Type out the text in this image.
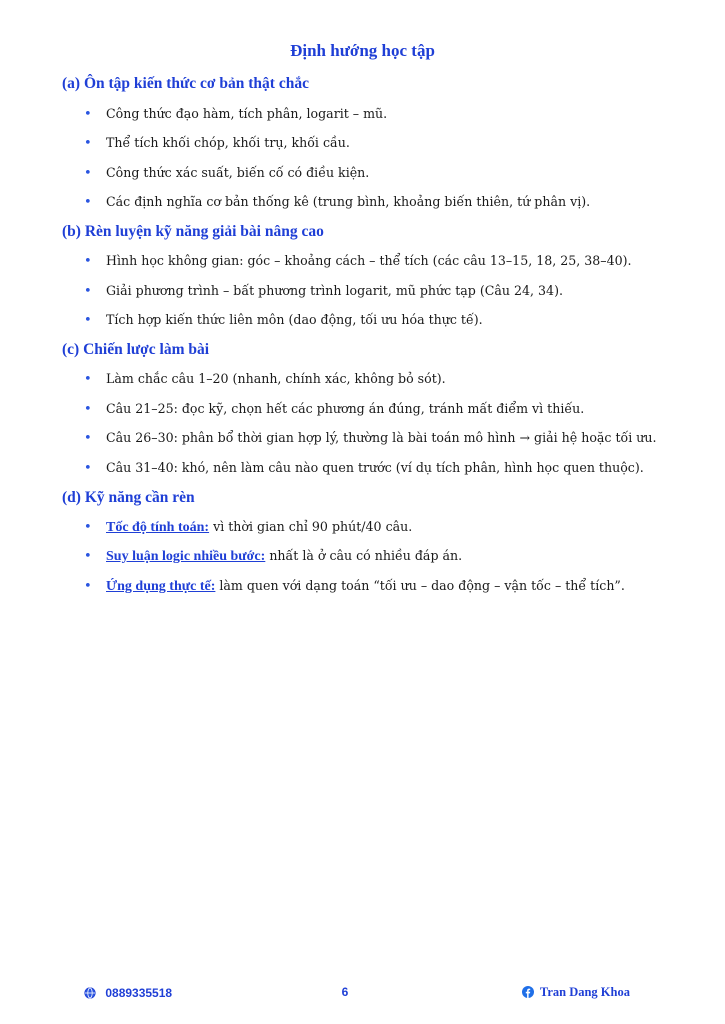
Định hướng học tập
(a) Ôn tập kiến thức cơ bản thật chắc
• Công thức đạo hàm, tích phân, logarit – mũ.
• Thể tích khối chóp, khối trụ, khối cầu.
• Công thức xác suất, biến cố có điều kiện.
• Các định nghĩa cơ bản thống kê (trung bình, khoảng biến thiên, tứ phân vị).
(b) Rèn luyện kỹ năng giải bài nâng cao
• Hình học không gian: góc – khoảng cách – thể tích (các câu 13–15, 18, 25, 38–40).
• Giải phương trình – bất phương trình logarit, mũ phức tạp (Câu 24, 34).
• Tích hợp kiến thức liên môn (dao động, tối ưu hóa thực tế).
(c) Chiến lược làm bài
• Làm chắc câu 1–20 (nhanh, chính xác, không bỏ sót).
• Câu 21–25: đọc kỹ, chọn hết các phương án đúng, tránh mất điểm vì thiếu.
• Câu 26–30: phân bổ thời gian hợp lý, thường là bài toán mô hình → giải hệ hoặc tối ưu.
• Câu 31–40: khó, nên làm câu nào quen trước (ví dụ tích phân, hình học quen thuộc).
(d) Kỹ năng cần rèn
• Tốc độ tính toán: vì thời gian chỉ 90 phút/40 câu.
• Suy luận logic nhiều bước: nhất là ở câu có nhiều đáp án.
• Ứng dụng thực tế: làm quen với dạng toán “tối ưu – dao động – vận tốc – thể tích”.
0889335518	6	Tran Dang Khoa
